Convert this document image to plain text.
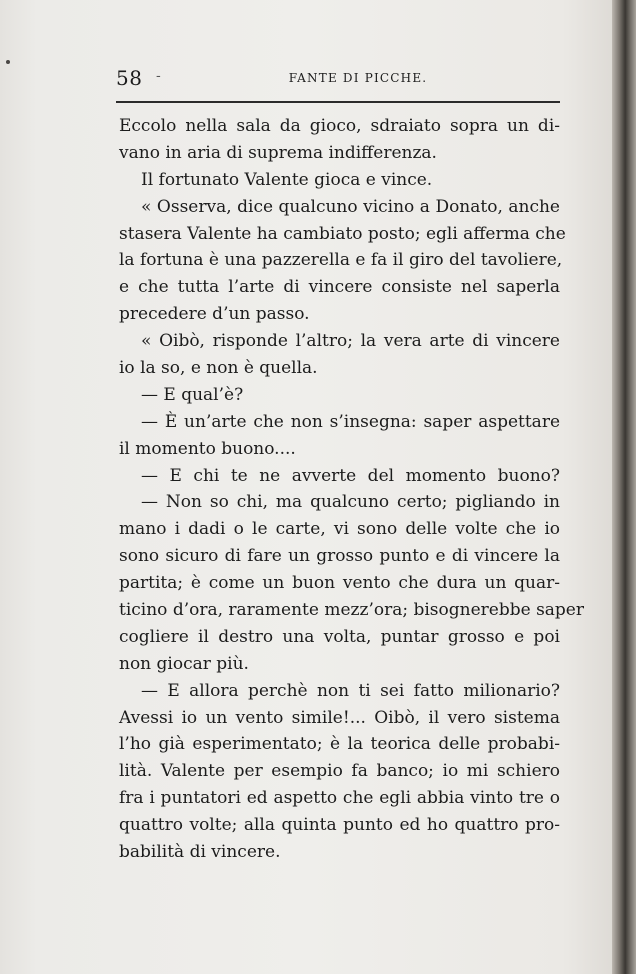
58 -	FANTE DI PICCHE.
Eccolo nella sala da gioco, sdraiato sopra un di-
vano in aria di suprema indifferenza.
Il fortunato Valente gioca e vince.
« Osserva, dice qualcuno vicino a Donato, anche
stasera Valente ha cambiato posto; egli afferma che
la fortuna è una pazzerella e fa il giro del tavoliere,
e che tutta l’arte di vincere consiste nel saperla
precedere d’un passo.
« Oibò, risponde l’altro; la vera arte di vincere
io la so, e non è quella.
— E qual’è?
— È un’arte che non s’insegna: saper aspettare
il momento buono....
— E chi te ne avverte del momento buono?
— Non so chi, ma qualcuno certo; pigliando in
mano i dadi o le carte, vi sono delle volte che io
sono sicuro di fare un grosso punto e di vincere la
partita; è come un buon vento che dura un quar-
ticino d’ora, raramente mezz’ora; bisognerebbe saper
cogliere il destro una volta, puntar grosso e poi
non giocar più.
— E allora perchè non ti sei fatto milionario?
Avessi io un vento simile!... Oibò, il vero sistema
l’ho già esperimentato; è la teorica delle probabi-
lità. Valente per esempio fa banco; io mi schiero
fra i puntatori ed aspetto che egli abbia vinto tre o
quattro volte; alla quinta punto ed ho quattro pro-
babilità di vincere.
